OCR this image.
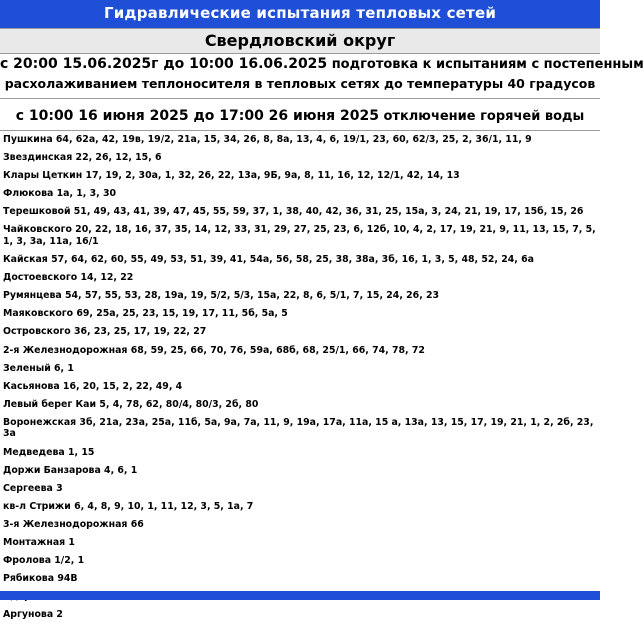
Гидравлические испытания тепловых сетей
Свердловский округ
с 20:00 15.06.2025г до 10:00 16.06.2025 подготовка к испытаниям с постепенным
расхолаживанием теплоносителя в тепловых сетях до температуры 40 градусов
с 10:00 16 июня 2025 до 17:00 26 июня 2025 отключение горячей воды
Пушкина 64, 62а, 42, 19в, 19/2, 21а, 15, 34, 26, 8, 8а, 13, 4, 6, 19/1, 23, 60, 62/3, 25, 2, 36/1, 11, 9
Звездинская 22, 26, 12, 15, 6
Клары Цеткин 17, 19, 2, 30а, 1, 32, 26, 22, 13а, 9Б, 9а, 8, 11, 16, 12, 12/1, 42, 14, 13
Флюкова 1а, 1, 3, 30
Терешковой 51, 49, 43, 41, 39, 47, 45, 55, 59, 37, 1, 38, 40, 42, 36, 31, 25, 15а, 3, 24, 21, 19, 17, 15б, 15, 26
Чайковского 20, 22, 18, 16, 37, 35, 14, 12, 33, 31, 29, 27, 25, 23, 6, 12б, 10, 4, 2, 17, 19, 21, 9, 11, 13, 15, 7, 5, 1, 3, 3а, 11а, 16/1
Кайская 57, 64, 62, 60, 55, 49, 53, 51, 39, 41, 54а, 56, 58, 25, 38, 38а, 3б, 16, 1, 3, 5, 48, 52, 24, 6а
Достоевского 14, 12, 22
Румянцева 54, 57, 55, 53, 28, 19а, 19, 5/2, 5/3, 15а, 22, 8, 6, 5/1, 7, 15, 24, 26, 23
Маяковского 69, 25а, 25, 23, 15, 19, 17, 11, 5б, 5а, 5
Островского 36, 23, 25, 17, 19, 22, 27
2-я Железнодорожная 68, 59, 25, 66, 70, 76, 59а, 68б, 68, 25/1, 66, 74, 78, 72
Зеленый 6, 1
Касьянова 16, 20, 15, 2, 22, 49, 4
Левый берег Каи 5, 4, 78, 62, 80/4, 80/3, 2б, 80
Воронежская 3б, 21а, 23а, 25а, 11б, 5а, 9а, 7а, 11, 9, 19а, 17а, 11а, 15 а, 13а, 13, 15, 17, 19, 21, 1, 2, 2б, 23, 3а
Медведева 1, 15
Доржи Банзарова 4, 6, 1
Сергеева 3
кв-л Стрижи 6, 4, 8, 9, 10, 1, 11, 12, 3, 5, 1а, 7
3-я Железнодорожная 66
Монтажная 1
Фролова 1/2, 1
Рябикова 94В
Аргунова 2
